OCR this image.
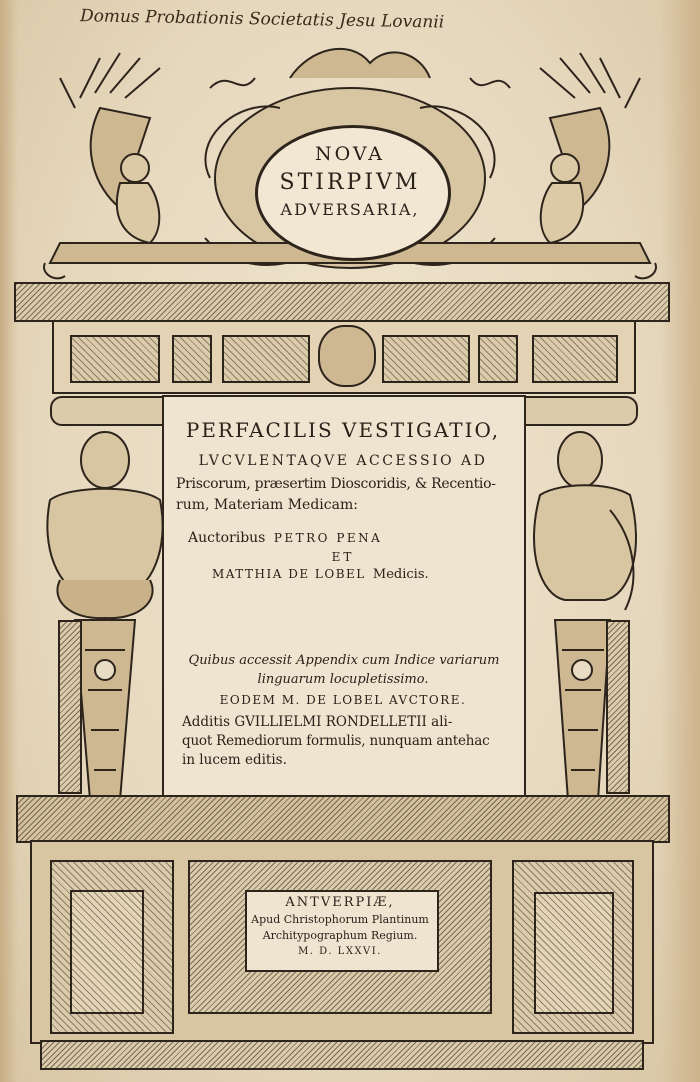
Domus Probationis Societatis Jesu Lovanii
NOVA
STIRPIVM
ADVERSARIA,
PERFACILIS VESTIGATIO,
LVCVLENTAQVE ACCESSIO AD
Priscorum, præsertim Dioscoridis, & Recentio-
rum, Materiam Medicam:
Auctoribus PETRO PENA
ET
MATTHIA DE LOBEL Medicis.
Quibus accessit Appendix cum Indice variarum
linguarum locupletissimo.
EODEM M. DE LOBEL AVCTORE.
Additis GVILLIELMI RONDELLETII ali-
quot Remediorum formulis, nunquam antehac
in lucem editis.
ANTVERPIÆ,
Apud Christophorum Plantinum
Architypographum Regium.
M. D. LXXVI.
